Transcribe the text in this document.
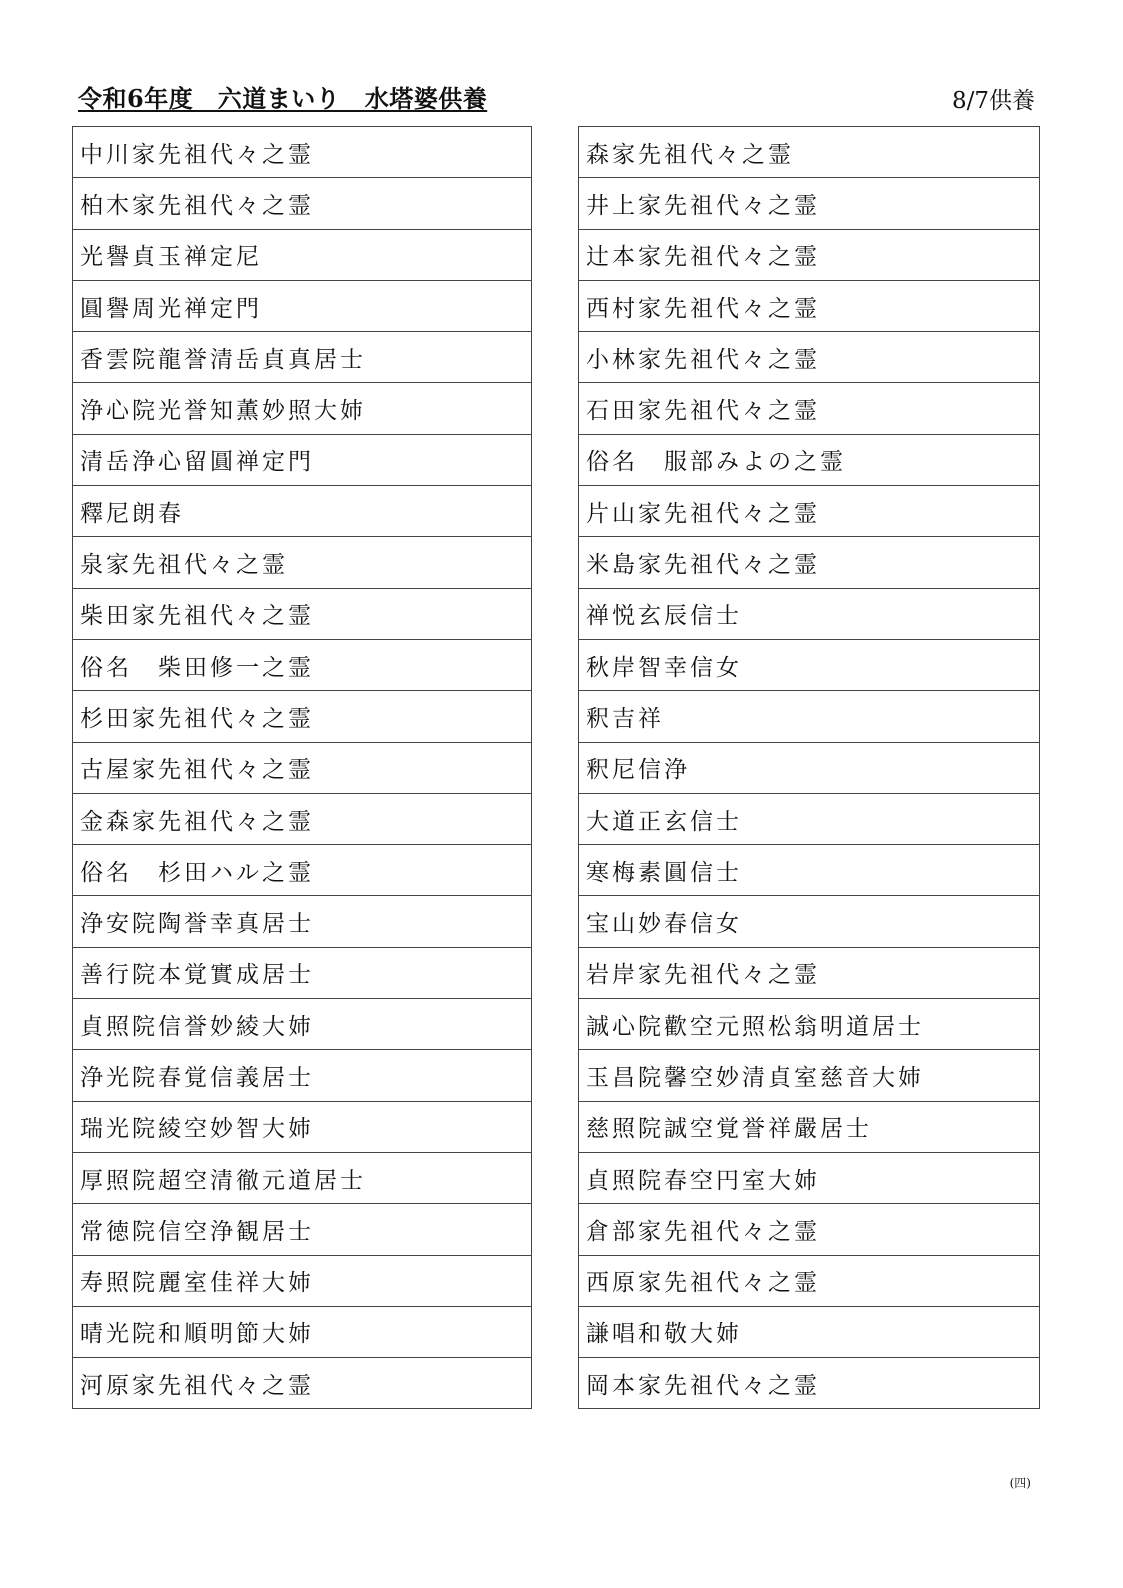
令和6年度　六道まいり　水塔婆供養	8/7供養
中川家先祖代々之霊
柏木家先祖代々之霊
光譽貞玉禅定尼
圓譽周光禅定門
香雲院龍誉清岳貞真居士
浄心院光誉知薫妙照大姉
清岳浄心留圓禅定門
釋尼朗春
泉家先祖代々之霊
柴田家先祖代々之霊
俗名　柴田修一之霊
杉田家先祖代々之霊
古屋家先祖代々之霊
金森家先祖代々之霊
俗名　杉田ハル之霊
浄安院陶誉幸真居士
善行院本覚實成居士
貞照院信誉妙綾大姉
浄光院春覚信義居士
瑞光院綾空妙智大姉
厚照院超空清徹元道居士
常徳院信空浄観居士
寿照院麗室佳祥大姉
晴光院和順明節大姉
河原家先祖代々之霊
森家先祖代々之霊
井上家先祖代々之霊
辻本家先祖代々之霊
西村家先祖代々之霊
小林家先祖代々之霊
石田家先祖代々之霊
俗名　服部みよの之霊
片山家先祖代々之霊
米島家先祖代々之霊
禅悦玄辰信士
秋岸智幸信女
釈吉祥
釈尼信浄
大道正玄信士
寒梅素圓信士
宝山妙春信女
岩岸家先祖代々之霊
誠心院歡空元照松翁明道居士
玉昌院馨空妙清貞室慈音大姉
慈照院誠空覚誉祥嚴居士
貞照院春空円室大姉
倉部家先祖代々之霊
西原家先祖代々之霊
謙唱和敬大姉
岡本家先祖代々之霊
(四)
